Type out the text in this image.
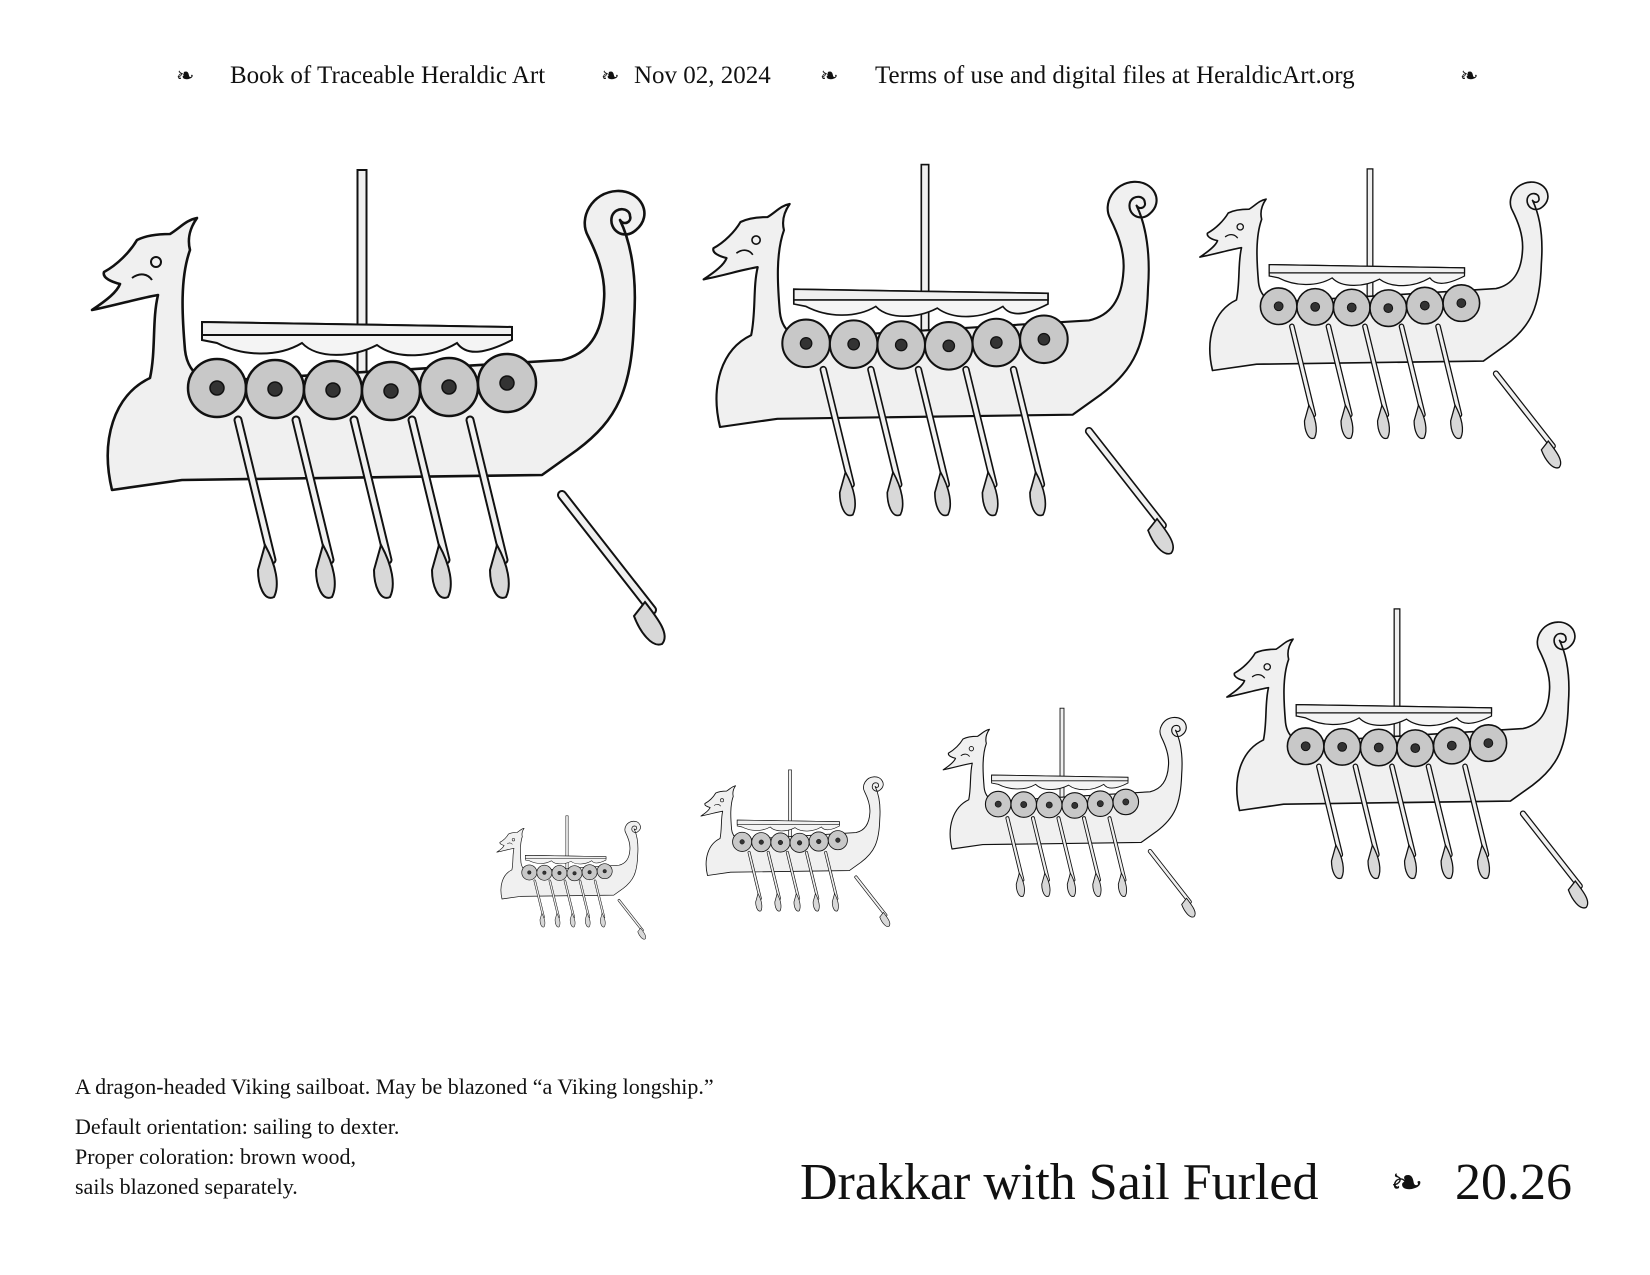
❧ Book of Traceable Heraldic Art	❧ Nov 02, 2024 ❧ Terms of use and digital files at HeraldicArt.org	❧

A dragon-headed Viking sailboat. May be blazoned “a Viking longship.”

Default orientation: sailing to dexter.

Proper coloration: brown wood,

sails blazoned separately.	Drakkar with Sail Furled ❧ 20.26
